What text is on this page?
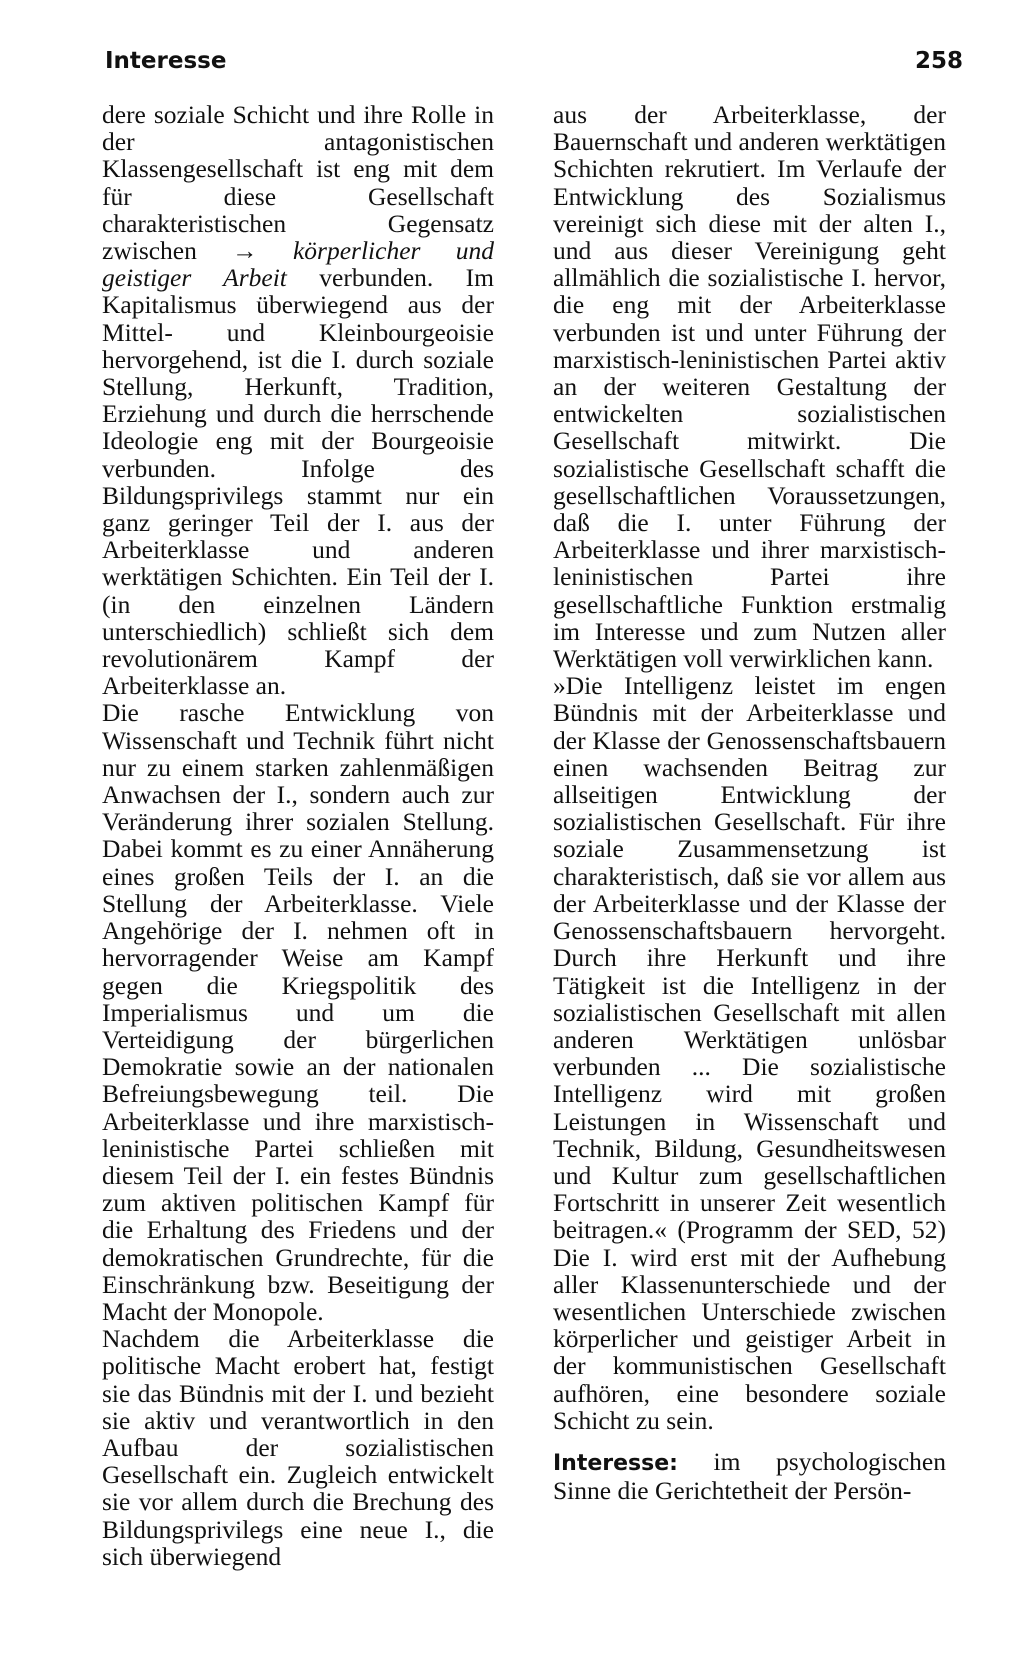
Interesse	258

dere soziale Schicht und ihre Rolle in der antagonistischen Klassengesellschaft ist eng mit dem für diese Gesellschaft charakteristischen Gegensatz zwischen → körperlicher und geistiger Arbeit verbunden. Im Kapitalismus überwiegend aus der Mittel- und Kleinbourgeoisie hervorgehend, ist die I. durch soziale Stellung, Herkunft, Tradition, Erziehung und durch die herrschende Ideologie eng mit der Bourgeoisie verbunden. Infolge des Bildungsprivilegs stammt nur ein ganz geringer Teil der I. aus der Arbeiterklasse und anderen werktätigen Schichten. Ein Teil der I. (in den einzelnen Ländern unterschiedlich) schließt sich dem revolutionärem Kampf der Arbeiterklasse an.

Die rasche Entwicklung von Wissenschaft und Technik führt nicht nur zu einem starken zahlenmäßigen Anwachsen der I., sondern auch zur Veränderung ihrer sozialen Stellung. Dabei kommt es zu einer Annäherung eines großen Teils der I. an die Stellung der Arbeiterklasse. Viele Angehörige der I. nehmen oft in hervorragender Weise am Kampf gegen die Kriegspolitik des Imperialismus und um die Verteidigung der bürgerlichen Demokratie sowie an der nationalen Befreiungsbewegung teil. Die Arbeiterklasse und ihre marxistisch-leninistische Partei schließen mit diesem Teil der I. ein festes Bündnis zum aktiven politischen Kampf für die Erhaltung des Friedens und der demokratischen Grundrechte, für die Einschränkung bzw. Beseitigung der Macht der Monopole.

Nachdem die Arbeiterklasse die politische Macht erobert hat, festigt sie das Bündnis mit der I. und bezieht sie aktiv und verantwortlich in den Aufbau der sozialistischen Gesellschaft ein. Zugleich entwickelt sie vor allem durch die Brechung des Bildungsprivilegs eine neue I., die sich überwiegend

aus der Arbeiterklasse, der Bauernschaft und anderen werktätigen Schichten rekrutiert. Im Verlaufe der Entwicklung des Sozialismus vereinigt sich diese mit der alten I., und aus dieser Vereinigung geht allmählich die sozialistische I. hervor, die eng mit der Arbeiterklasse verbunden ist und unter Führung der marxistisch-leninistischen Partei aktiv an der weiteren Gestaltung der entwickelten sozialistischen Gesellschaft mitwirkt. Die sozialistische Gesellschaft schafft die gesellschaftlichen Voraussetzungen, daß die I. unter Führung der Arbeiterklasse und ihrer marxistisch-leninistischen Partei ihre gesellschaftliche Funktion erstmalig im Interesse und zum Nutzen aller Werktätigen voll verwirklichen kann.

»Die Intelligenz leistet im engen Bündnis mit der Arbeiterklasse und der Klasse der Genossenschaftsbauern einen wachsenden Beitrag zur allseitigen Entwicklung der sozialistischen Gesellschaft. Für ihre soziale Zusammensetzung ist charakteristisch, daß sie vor allem aus der Arbeiterklasse und der Klasse der Genossenschaftsbauern hervorgeht. Durch ihre Herkunft und ihre Tätigkeit ist die Intelligenz in der sozialistischen Gesellschaft mit allen anderen Werktätigen unlösbar verbunden ... Die sozialistische Intelligenz wird mit großen Leistungen in Wissenschaft und Technik, Bildung, Gesundheitswesen und Kultur zum gesellschaftlichen Fortschritt in unserer Zeit wesentlich beitragen.« (Programm der SED, 52) Die I. wird erst mit der Aufhebung aller Klassenunterschiede und der wesentlichen Unterschiede zwischen körperlicher und geistiger Arbeit in der kommunistischen Gesellschaft aufhören, eine besondere soziale Schicht zu sein.

Interesse: im psychologischen Sinne die Gerichtetheit der Persön-
